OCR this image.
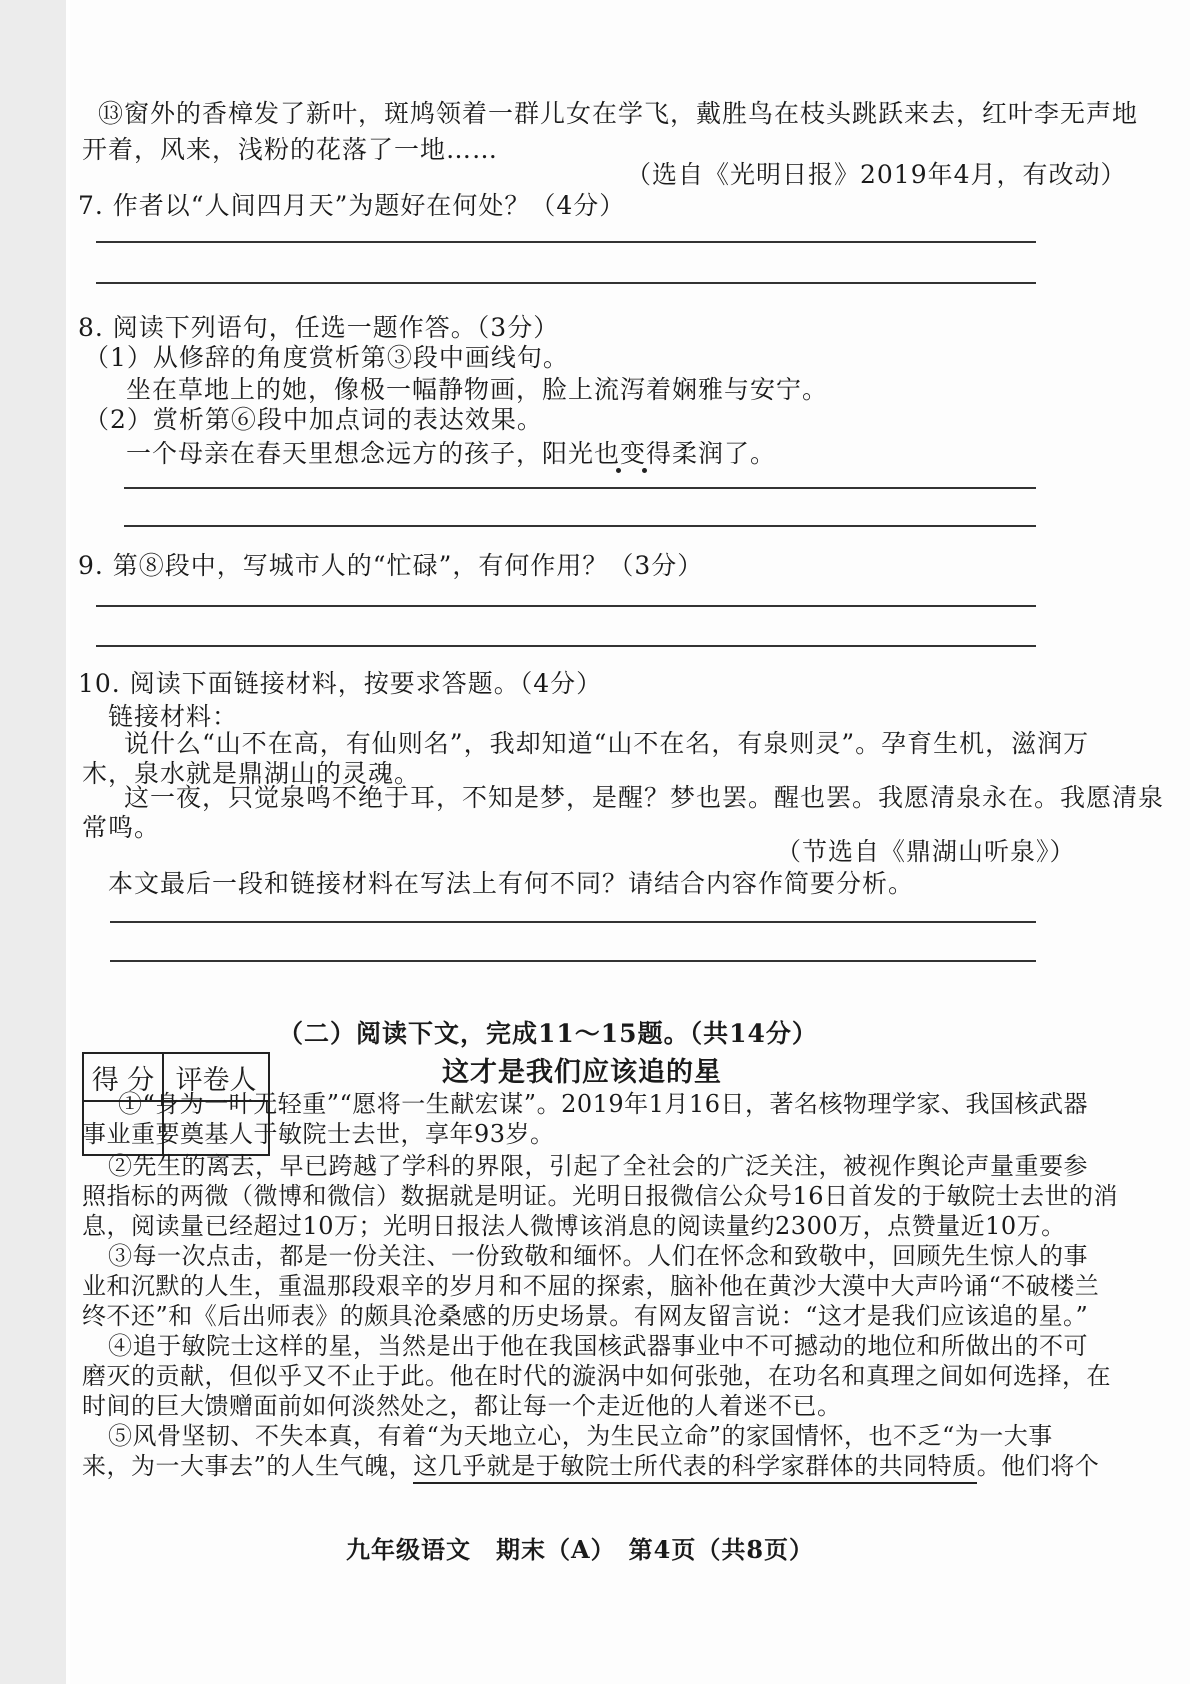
⑬窗外的香樟发了新叶，斑鸠领着一群儿女在学飞，戴胜鸟在枝头跳跃来去，红叶李无声地
开着，风来，浅粉的花落了一地……
（选自《光明日报》2019年4月，有改动）
7. 作者以“人间四月天”为题好在何处？（4分）
8. 阅读下列语句，任选一题作答。（3分）
（1）从修辞的角度赏析第③段中画线句。
坐在草地上的她，像极一幅静物画，脸上流泻着娴雅与安宁。
（2）赏析第⑥段中加点词的表达效果。
一个母亲在春天里想念远方的孩子，阳光也变得柔润了。
9. 第⑧段中，写城市人的“忙碌”，有何作用？（3分）
10. 阅读下面链接材料，按要求答题。（4分）
链接材料：
说什么“山不在高，有仙则名”，我却知道“山不在名，有泉则灵”。孕育生机，滋润万
木，泉水就是鼎湖山的灵魂。
这一夜，只觉泉鸣不绝于耳，不知是梦，是醒？梦也罢。醒也罢。我愿清泉永在。我愿清泉
常鸣。
（节选自《鼎湖山听泉》）
本文最后一段和链接材料在写法上有何不同？请结合内容作简要分析。
得 分	评卷人

（二）阅读下文，完成11～15题。（共14分）
这才是我们应该追的星
①“身为一叶无轻重”“愿将一生献宏谋”。2019年1月16日，著名核物理学家、我国核武器
事业重要奠基人于敏院士去世，享年93岁。
②先生的离去，早已跨越了学科的界限，引起了全社会的广泛关注，被视作舆论声量重要参
照指标的两微（微博和微信）数据就是明证。光明日报微信公众号16日首发的于敏院士去世的消
息，阅读量已经超过10万；光明日报法人微博该消息的阅读量约2300万，点赞量近10万。
③每一次点击，都是一份关注、一份致敬和缅怀。人们在怀念和致敬中，回顾先生惊人的事
业和沉默的人生，重温那段艰辛的岁月和不屈的探索，脑补他在黄沙大漠中大声吟诵“不破楼兰
终不还”和《后出师表》的颇具沧桑感的历史场景。有网友留言说：“这才是我们应该追的星。”
④追于敏院士这样的星，当然是出于他在我国核武器事业中不可撼动的地位和所做出的不可
磨灭的贡献，但似乎又不止于此。他在时代的漩涡中如何张弛，在功名和真理之间如何选择，在
时间的巨大馈赠面前如何淡然处之，都让每一个走近他的人着迷不已。
⑤风骨坚韧、不失本真，有着“为天地立心，为生民立命”的家国情怀，也不乏“为一大事
来，为一大事去”的人生气魄，这几乎就是于敏院士所代表的科学家群体的共同特质。他们将个
九年级语文　期末（A）　第4页（共8页）
